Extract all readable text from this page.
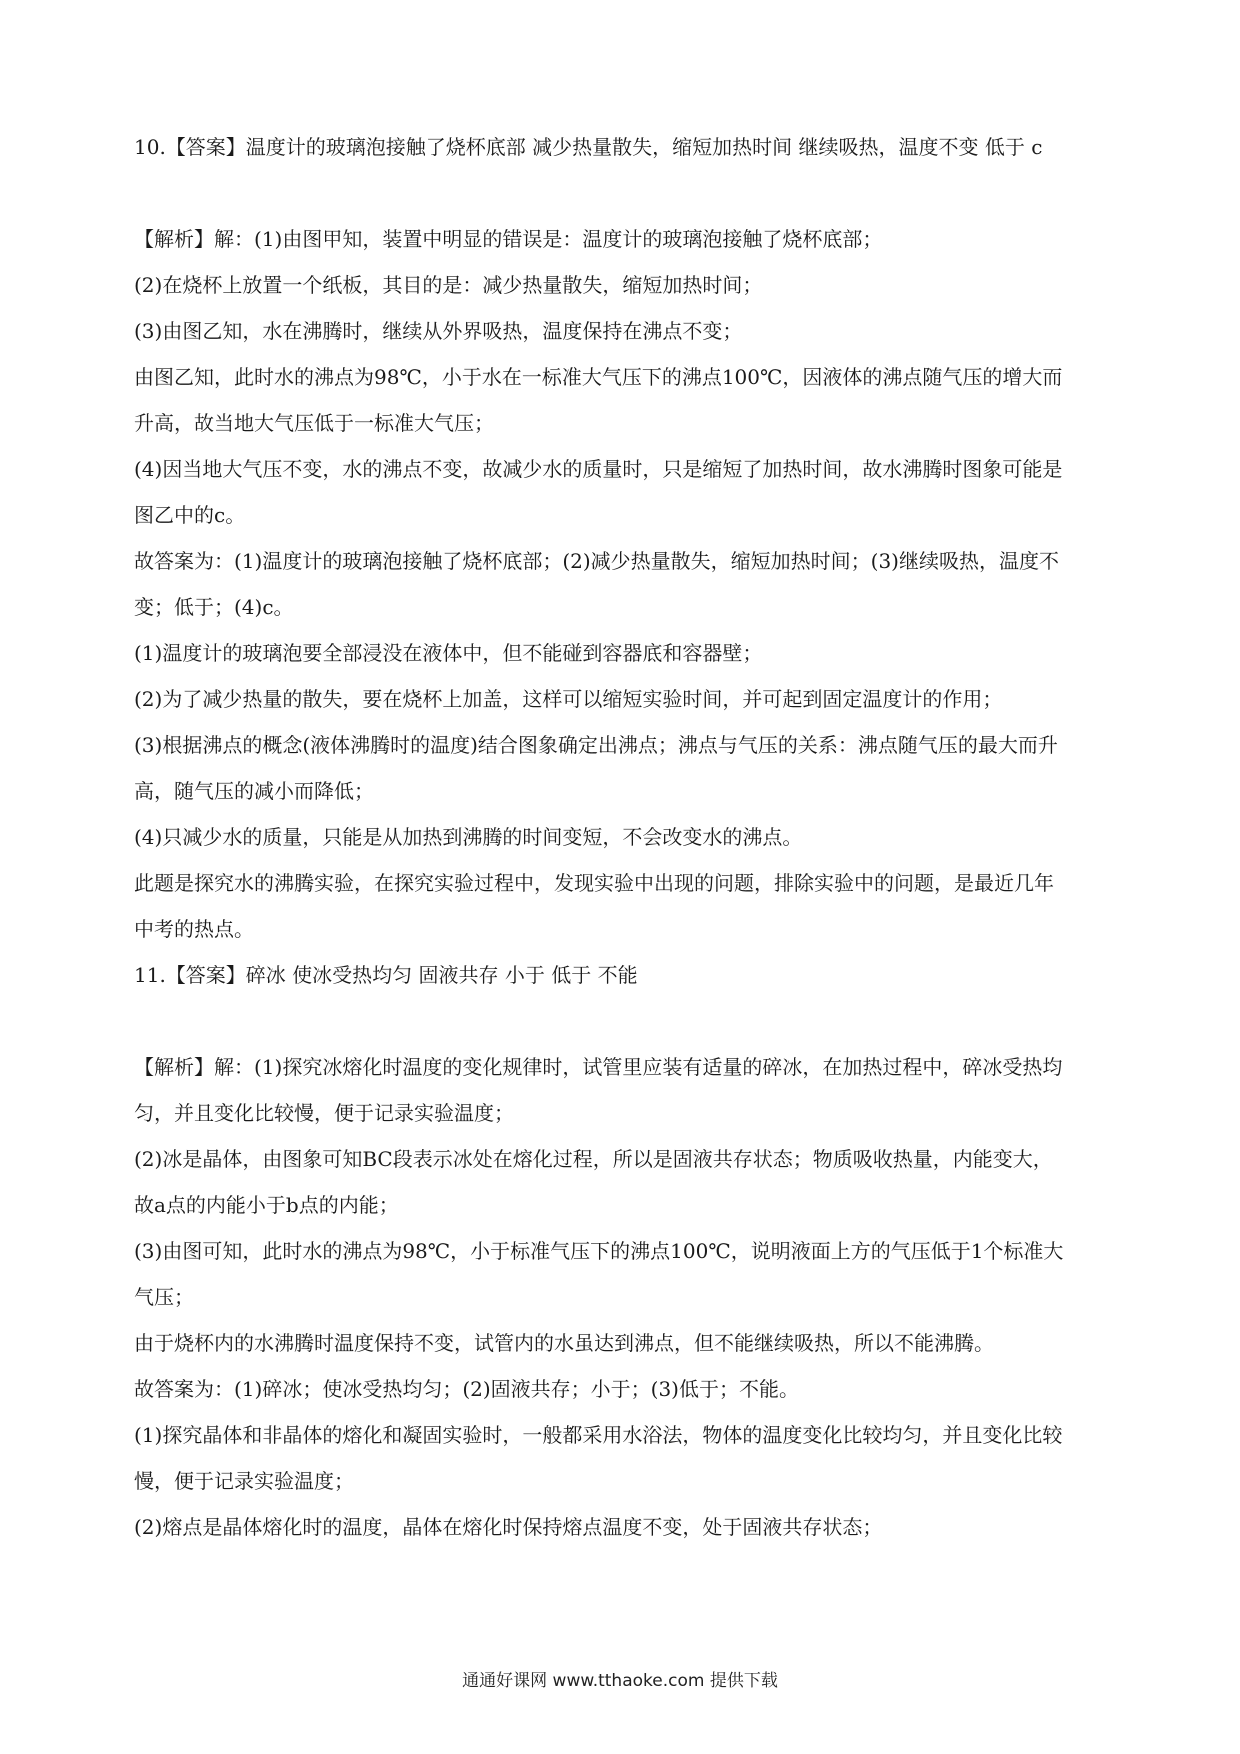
10.【答案】温度计的玻璃泡接触了烧杯底部 减少热量散失，缩短加热时间 继续吸热，温度不变 低于 c
【解析】解：(1)由图甲知，装置中明显的错误是：温度计的玻璃泡接触了烧杯底部；
(2)在烧杯上放置一个纸板，其目的是：减少热量散失，缩短加热时间；
(3)由图乙知，水在沸腾时，继续从外界吸热，温度保持在沸点不变；
由图乙知，此时水的沸点为98℃，小于水在一标准大气压下的沸点100℃，因液体的沸点随气压的增大而
升高，故当地大气压低于一标准大气压；
(4)因当地大气压不变，水的沸点不变，故减少水的质量时，只是缩短了加热时间，故水沸腾时图象可能是
图乙中的c。
故答案为：(1)温度计的玻璃泡接触了烧杯底部；(2)减少热量散失，缩短加热时间；(3)继续吸热，温度不
变；低于；(4)c。
(1)温度计的玻璃泡要全部浸没在液体中，但不能碰到容器底和容器壁；
(2)为了减少热量的散失，要在烧杯上加盖，这样可以缩短实验时间，并可起到固定温度计的作用；
(3)根据沸点的概念(液体沸腾时的温度)结合图象确定出沸点；沸点与气压的关系：沸点随气压的最大而升
高，随气压的减小而降低；
(4)只减少水的质量，只能是从加热到沸腾的时间变短，不会改变水的沸点。
此题是探究水的沸腾实验，在探究实验过程中，发现实验中出现的问题，排除实验中的问题，是最近几年
中考的热点。
11.【答案】碎冰 使冰受热均匀 固液共存 小于 低于 不能
【解析】解：(1)探究冰熔化时温度的变化规律时，试管里应装有适量的碎冰，在加热过程中，碎冰受热均
匀，并且变化比较慢，便于记录实验温度；
(2)冰是晶体，由图象可知BC段表示冰处在熔化过程，所以是固液共存状态；物质吸收热量，内能变大，
故a点的内能小于b点的内能；
(3)由图可知，此时水的沸点为98℃，小于标准气压下的沸点100℃，说明液面上方的气压低于1个标准大
气压；
由于烧杯内的水沸腾时温度保持不变，试管内的水虽达到沸点，但不能继续吸热，所以不能沸腾。
故答案为：(1)碎冰；使冰受热均匀；(2)固液共存；小于；(3)低于；不能。
(1)探究晶体和非晶体的熔化和凝固实验时，一般都采用水浴法，物体的温度变化比较均匀，并且变化比较
慢，便于记录实验温度；
(2)熔点是晶体熔化时的温度，晶体在熔化时保持熔点温度不变，处于固液共存状态；
通通好课网 www.tthaoke.com 提供下载
